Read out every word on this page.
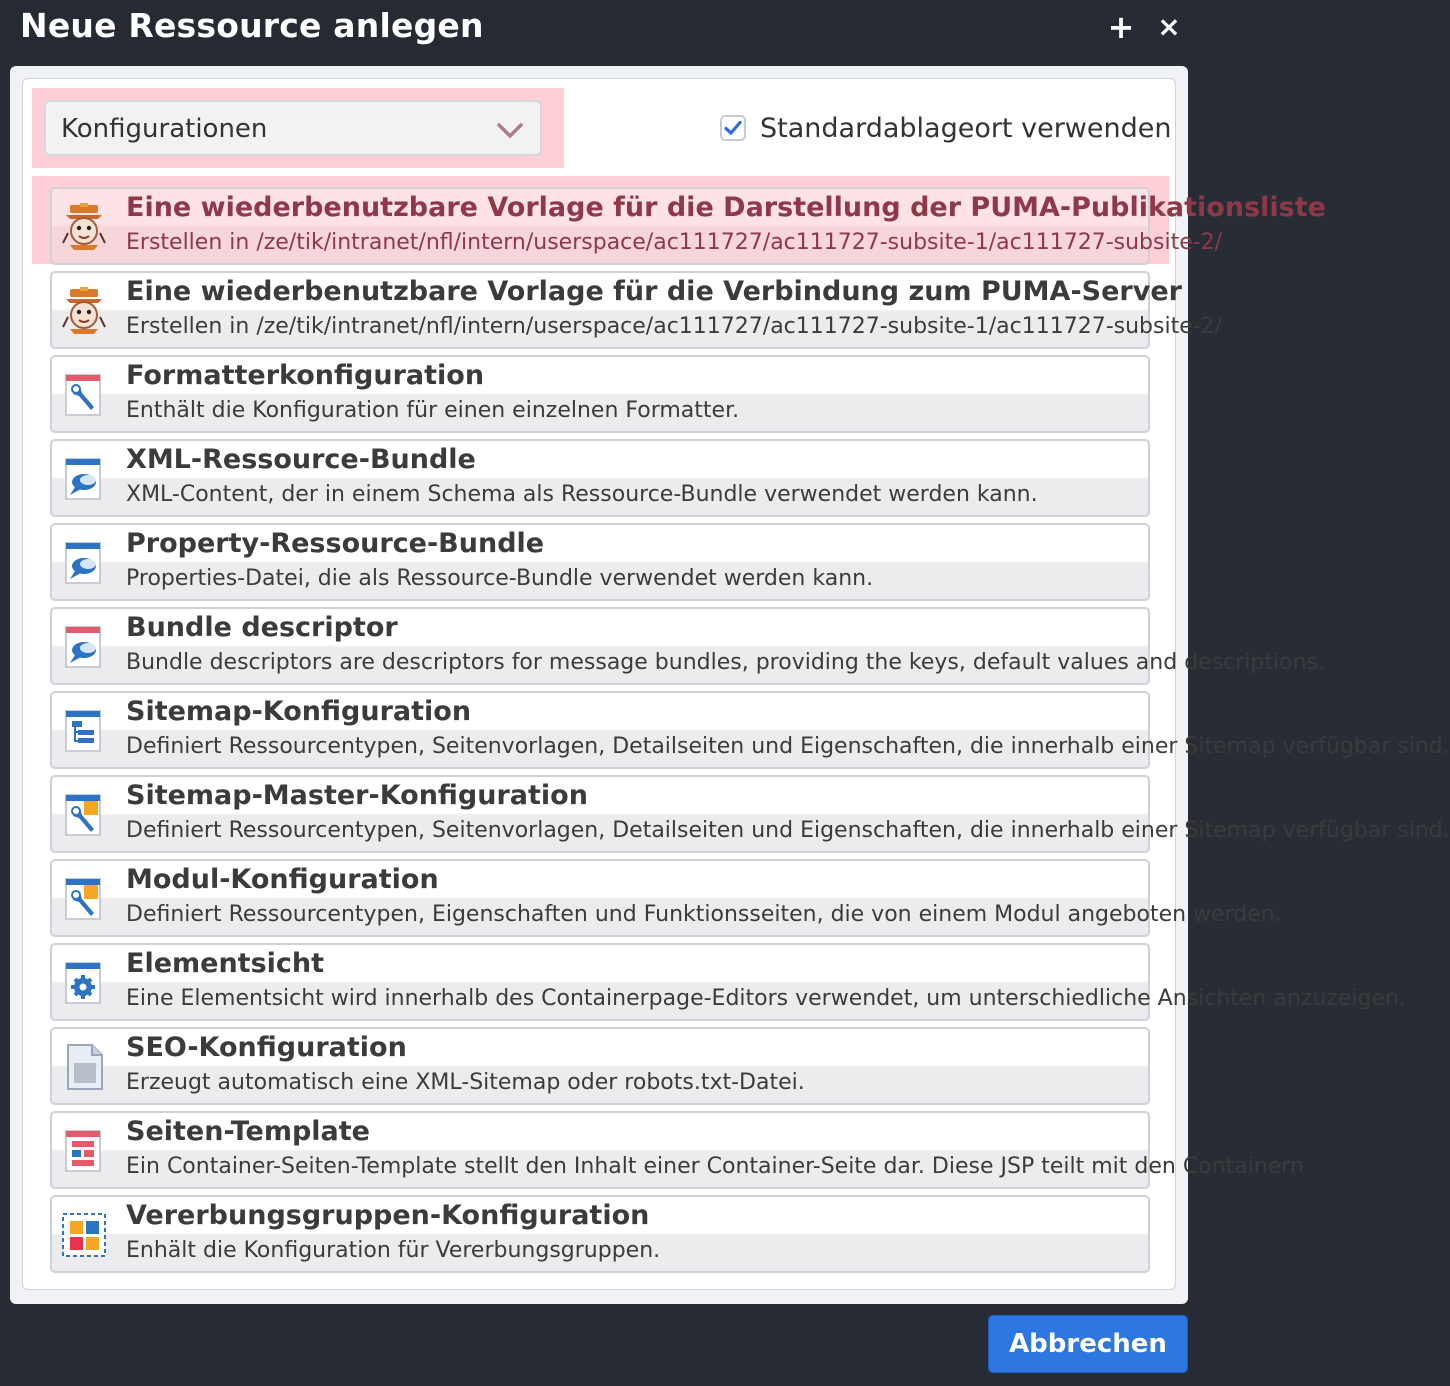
Neue Ressource anlegen	+ ×
Konfigurationen	Standardablageort verwenden
Eine wiederbenutzbare Vorlage für die Darstellung der PUMA-Publikationsliste
Erstellen in /ze/tik/intranet/nfl/intern/userspace/ac111727/ac111727-subsite-1/ac111727-subsite-2/
Eine wiederbenutzbare Vorlage für die Verbindung zum PUMA-Server
Erstellen in /ze/tik/intranet/nfl/intern/userspace/ac111727/ac111727-subsite-1/ac111727-subsite-2/
Formatterkonfiguration
Enthält die Konfiguration für einen einzelnen Formatter.
XML-Ressource-Bundle
XML-Content, der in einem Schema als Ressource-Bundle verwendet werden kann.
Property-Ressource-Bundle
Properties-Datei, die als Ressource-Bundle verwendet werden kann.
Bundle descriptor
Bundle descriptors are descriptors for message bundles, providing the keys, default values and descriptions.
Sitemap-Konfiguration
Definiert Ressourcentypen, Seitenvorlagen, Detailseiten und Eigenschaften, die innerhalb einer Sitemap verfügbar sind.
Sitemap-Master-Konfiguration
Definiert Ressourcentypen, Seitenvorlagen, Detailseiten und Eigenschaften, die innerhalb einer Sitemap verfügbar sind.
Modul-Konfiguration
Definiert Ressourcentypen, Eigenschaften und Funktionsseiten, die von einem Modul angeboten werden.
Elementsicht
Eine Elementsicht wird innerhalb des Containerpage-Editors verwendet, um unterschiedliche Ansichten anzuzeigen.
SEO-Konfiguration
Erzeugt automatisch eine XML-Sitemap oder robots.txt-Datei.
Seiten-Template
Ein Container-Seiten-Template stellt den Inhalt einer Container-Seite dar. Diese JSP teilt mit den Containern
Vererbungsgruppen-Konfiguration
Enhält die Konfiguration für Vererbungsgruppen.
Abbrechen
